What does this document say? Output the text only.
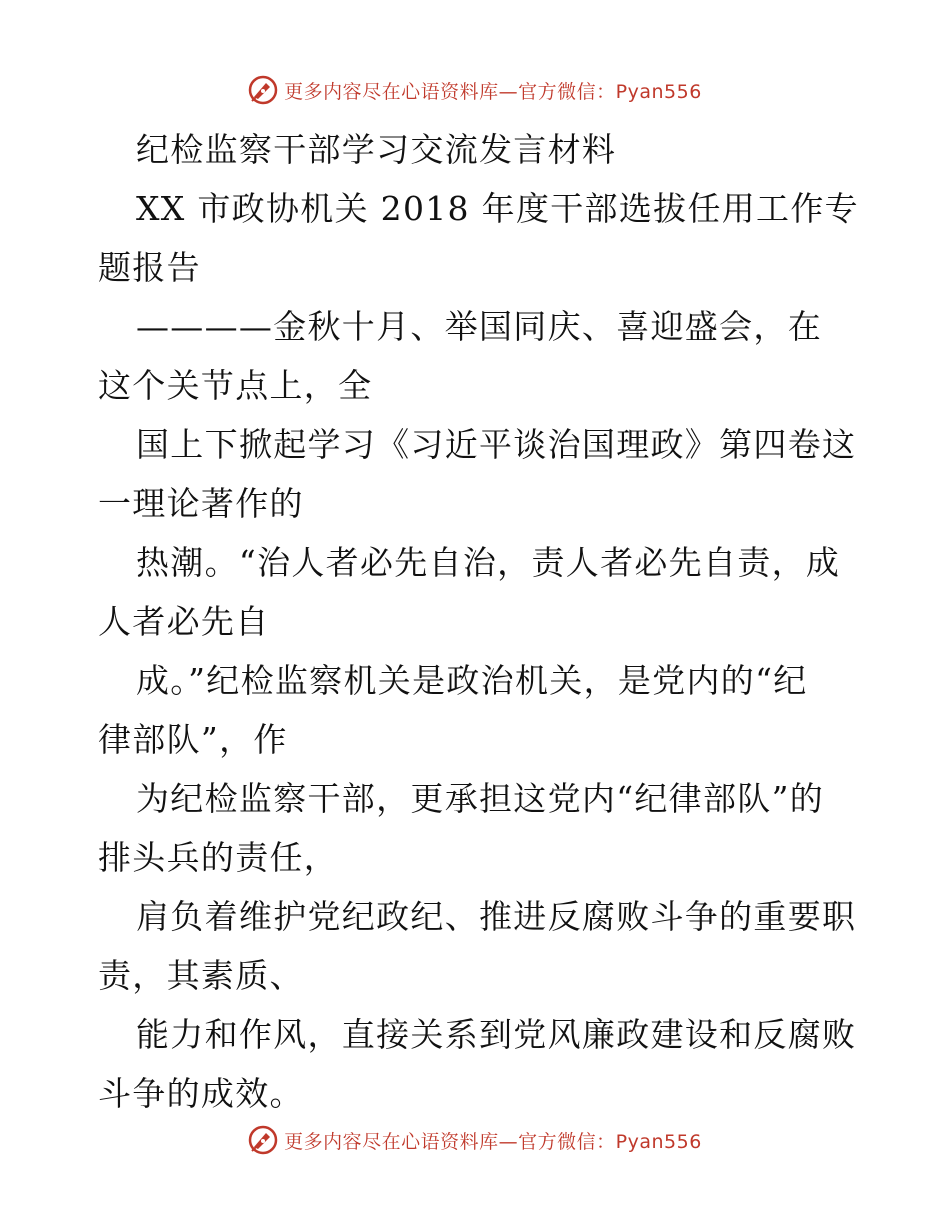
更多内容尽在心语资料库—官方微信：Pyan556
纪检监察干部学习交流发言材料
XX 市政协机关 2018 年度干部选拔任用工作专
题报告
————金秋十月、举国同庆、喜迎盛会，在
这个关节点上，全
国上下掀起学习《习近平谈治国理政》第四卷这
一理论著作的
热潮。“治人者必先自治，责人者必先自责，成
人者必先自
成。”纪检监察机关是政治机关，是党内的“纪
律部队”，作
为纪检监察干部，更承担这党内“纪律部队”的
排头兵的责任，
肩负着维护党纪政纪、推进反腐败斗争的重要职
责，其素质、
能力和作风，直接关系到党风廉政建设和反腐败
斗争的成效。
更多内容尽在心语资料库—官方微信：Pyan556
